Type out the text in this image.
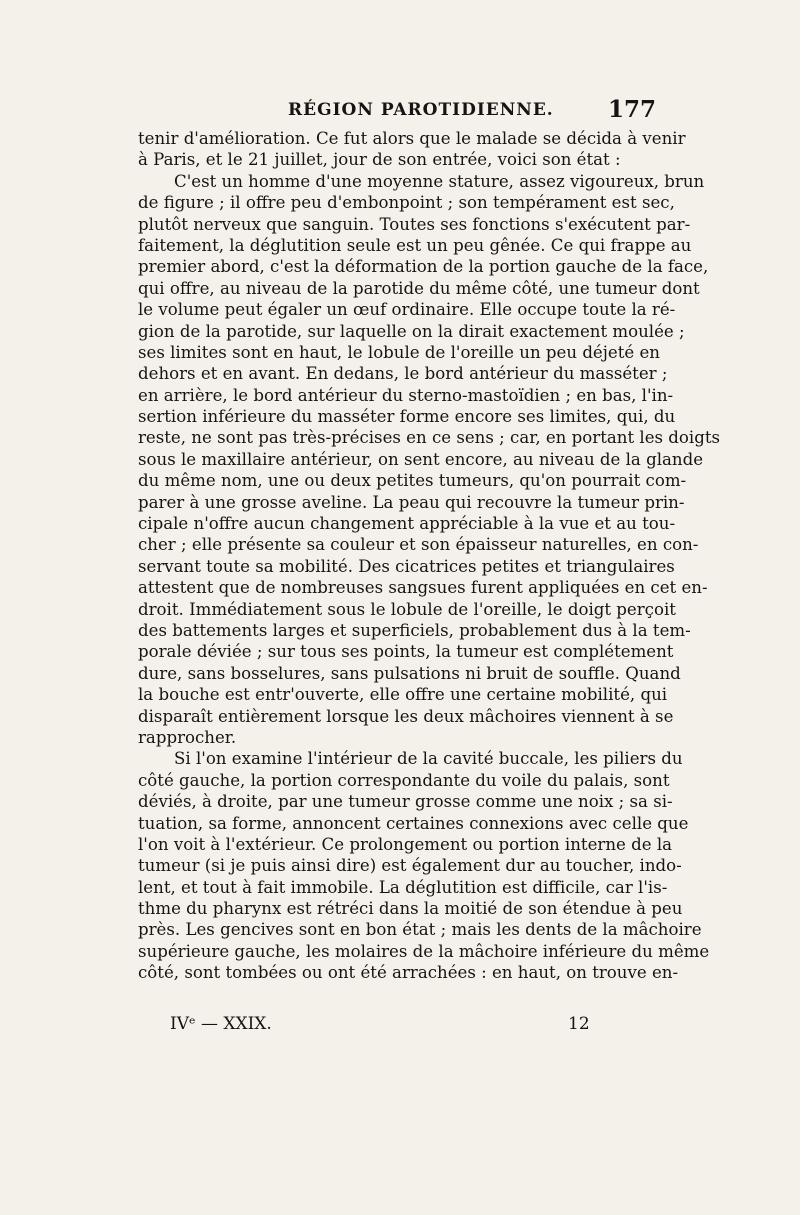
RÉGION PAROTIDIENNE. 177
tenir d'amélioration. Ce fut alors que le malade se décida à venir
à Paris, et le 21 juillet, jour de son entrée, voici son état :
C'est un homme d'une moyenne stature, assez vigoureux, brun
de figure ; il offre peu d'embonpoint ; son tempérament est sec,
plutôt nerveux que sanguin. Toutes ses fonctions s'exécutent par-
faitement, la déglutition seule est un peu gênée. Ce qui frappe au
premier abord, c'est la déformation de la portion gauche de la face,
qui offre, au niveau de la parotide du même côté, une tumeur dont
le volume peut égaler un œuf ordinaire. Elle occupe toute la ré-
gion de la parotide, sur laquelle on la dirait exactement moulée ;
ses limites sont en haut, le lobule de l'oreille un peu déjeté en
dehors et en avant. En dedans, le bord antérieur du masséter ;
en arrière, le bord antérieur du sterno-mastoïdien ; en bas, l'in-
sertion inférieure du masséter forme encore ses limites, qui, du
reste, ne sont pas très-précises en ce sens ; car, en portant les doigts
sous le maxillaire antérieur, on sent encore, au niveau de la glande
du même nom, une ou deux petites tumeurs, qu'on pourrait com-
parer à une grosse aveline. La peau qui recouvre la tumeur prin-
cipale n'offre aucun changement appréciable à la vue et au tou-
cher ; elle présente sa couleur et son épaisseur naturelles, en con-
servant toute sa mobilité. Des cicatrices petites et triangulaires
attestent que de nombreuses sangsues furent appliquées en cet en-
droit. Immédiatement sous le lobule de l'oreille, le doigt perçoit
des battements larges et superficiels, probablement dus à la tem-
porale déviée ; sur tous ses points, la tumeur est complétement
dure, sans bosselures, sans pulsations ni bruit de souffle. Quand
la bouche est entr'ouverte, elle offre une certaine mobilité, qui
disparaît entièrement lorsque les deux mâchoires viennent à se
rapprocher.
Si l'on examine l'intérieur de la cavité buccale, les piliers du
côté gauche, la portion correspondante du voile du palais, sont
déviés, à droite, par une tumeur grosse comme une noix ; sa si-
tuation, sa forme, annoncent certaines connexions avec celle que
l'on voit à l'extérieur. Ce prolongement ou portion interne de la
tumeur (si je puis ainsi dire) est également dur au toucher, indo-
lent, et tout à fait immobile. La déglutition est difficile, car l'is-
thme du pharynx est rétréci dans la moitié de son étendue à peu
près. Les gencives sont en bon état ; mais les dents de la mâchoire
supérieure gauche, les molaires de la mâchoire inférieure du même
côté, sont tombées ou ont été arrachées : en haut, on trouve en-
IVᵉ — XXIX.	12
